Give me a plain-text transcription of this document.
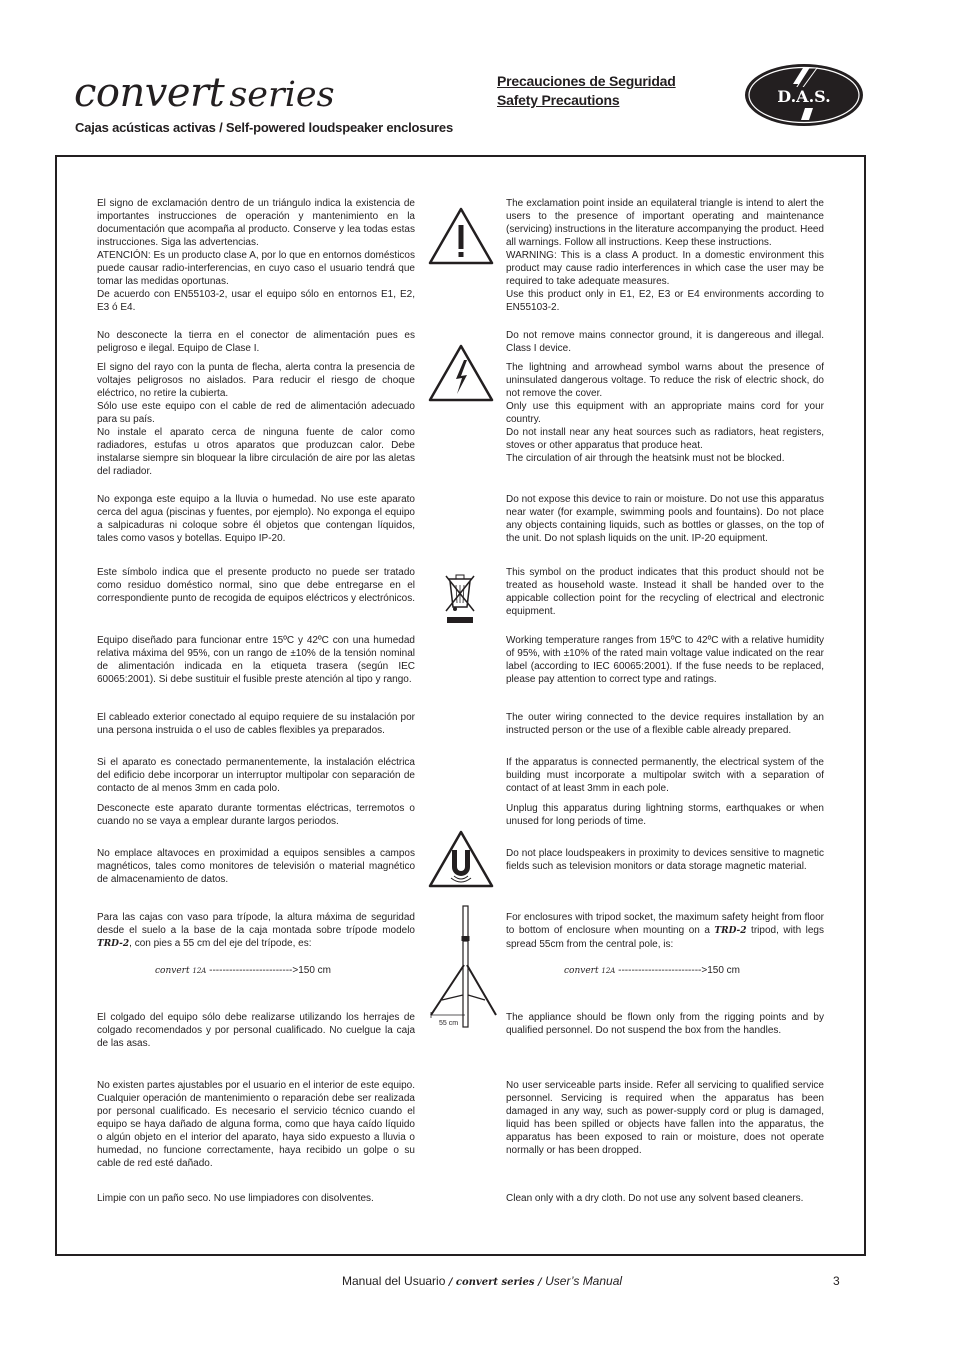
convert series
Cajas acústicas activas / Self-powered loudspeaker enclosures
Precauciones de Seguridad
Safety Precautions	D.A.S.

El signo de exclamación dentro de un triángulo indica la existencia de importantes instrucciones de operación y mantenimiento en la documentación que acompaña al producto. Conserve y lea todas estas instrucciones. Siga las advertencias.

ATENCIÓN: Es un producto clase A, por lo que en entornos domésticos puede causar radio-interferencias, en cuyo caso el usuario tendrá que tomar las medidas oportunas.

De acuerdo con EN55103-2, usar el equipo sólo en entornos E1, E2, E3 ó E4.

No desconecte la tierra en el conector de alimentación pues es peligroso e ilegal. Equipo de Clase I.

El signo del rayo con la punta de flecha, alerta contra la presencia de voltajes peligrosos no aislados. Para reducir el riesgo de choque eléctrico, no retire la cubierta.

Sólo use este equipo con el cable de red de alimentación adecuado para su país.

No instale el aparato cerca de ninguna fuente de calor como radiadores, estufas u otros aparatos que produzcan calor. Debe instalarse siempre sin bloquear la libre circulación de aire por las aletas del radiador.

No exponga este equipo a la lluvia o humedad. No use este aparato cerca del agua (piscinas y fuentes, por ejemplo). No exponga el equipo a salpicaduras ni coloque sobre él objetos que contengan líquidos, tales como vasos y botellas. Equipo IP-20.
Este símbolo indica que el presente producto no puede ser tratado como residuo doméstico normal, sino que debe entregarse en el correspondiente punto de recogida de equipos eléctricos y electrónicos.
Equipo diseñado para funcionar entre 15ºC y 42ºC con una humedad relativa máxima del 95%, con un rango de ±10% de la tensión nominal de alimentación indicada en la etiqueta trasera (según IEC 60065:2001). Si debe sustituir el fusible preste atención al tipo y rango.
El cableado exterior conectado al equipo requiere de su instalación por una persona instruida o el uso de cables flexibles ya preparados.
Si el aparato es conectado permanentemente, la instalación eléctrica del edificio debe incorporar un interruptor multipolar con separación de contacto de al menos 3mm en cada polo.
Desconecte este aparato durante tormentas eléctricas, terremotos o cuando no se vaya a emplear durante largos periodos.
No emplace altavoces en proximidad a equipos sensibles a campos magnéticos, tales como monitores de televisión o material magnético de almacenamiento de datos.
Para las cajas con vaso para trípode, la altura máxima de seguridad desde el suelo a la base de la caja montada sobre trípode modelo TRD-2, con pies a 55 cm del eje del trípode, es:
convert 12A ------------------------->150 cm
El colgado del equipo sólo debe realizarse utilizando los herrajes de colgado recomendados y por personal cualificado. No cuelgue la caja de las asas.
No existen partes ajustables por el usuario en el interior de este equipo. Cualquier operación de mantenimiento o reparación debe ser realizada por personal cualificado. Es necesario el servicio técnico cuando el equipo se haya dañado de alguna forma, como que haya caído líquido o algún objeto en el interior del aparato, haya sido expuesto a lluvia o humedad, no funcione correctamente, haya recibido un golpe o su cable de red esté dañado.
Limpie con un paño seco. No use limpiadores con disolventes.

The exclamation point inside an equilateral triangle is intend to alert the users to the presence of important operating and maintenance (servicing) instructions in the literature accompanying the product. Heed all warnings. Follow all instructions. Keep these instructions.

WARNING: This is a class A product. In a domestic environment this product may cause radio interferences in which case the user may be required to take adequate measures.

Use this product only in E1, E2, E3 or E4 environments according to EN55103-2.

Do not remove mains connector ground, it is dangereous and illegal. Class I device.

The lightning and arrowhead symbol warns about the presence of uninsulated dangerous voltage. To reduce the risk of electric shock, do not remove the cover.

Only use this equipment with an appropriate mains cord for your country.

Do not install near any heat sources such as radiators, heat registers, stoves or other apparatus that produce heat.

The circulation of air through the heatsink must not be blocked.

Do not expose this device to rain or moisture. Do not use this apparatus near water (for example, swimming pools and fountains). Do not place any objects containing liquids, such as bottles or glasses, on the top of the unit. Do not splash liquids on the unit. IP-20 equipment.
This symbol on the product indicates that this product should not be treated as household waste. Instead it shall be handed over to the appicable collection point for the recycling of electrical and electronic equipment.
Working temperature ranges from 15ºC to 42ºC with a relative humidity of 95%, with ±10% of the rated main voltage value indicated on the rear label (according to IEC 60065:2001). If the fuse needs to be replaced, please pay attention to correct type and ratings.
The outer wiring connected to the device requires installation by an instructed person or the use of a flexible cable already prepared.
If the apparatus is connected permanently, the electrical system of the building must incorporate a multipolar switch with a separation of contact of at least 3mm in each pole.
Unplug this apparatus during lightning storms, earthquakes or when unused for long periods of time.
Do not place loudspeakers in proximity to devices sensitive to magnetic fields such as television monitors or data storage magnetic material.
For enclosures with tripod socket, the maximum safety height from floor to bottom of enclosure when mounting on a TRD-2 tripod, with legs spread 55cm from the central pole, is:
convert 12A ------------------------->150 cm
The appliance should be flown only from the rigging points and by qualified personnel. Do not suspend the box from the handles.
No user serviceable parts inside. Refer all servicing to qualified service personnel. Servicing is required when the apparatus has been damaged in any way, such as power-supply cord or plug is damaged, liquid has been spilled or objects have fallen into the apparatus, the apparatus has been exposed to rain or moisture, does not operate normally or has been dropped.
Clean only with a dry cloth. Do not use any solvent based cleaners.
55 cm
Manual del Usuario / convert series / User’s Manual	3
